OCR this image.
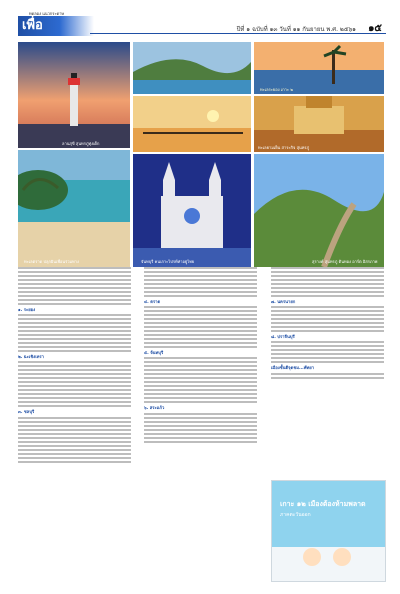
ทดลอง แนวกระดาษ
เพื่อ	ปีที่ ๑ ฉบับที่ ๑๓ วันที่ ๑๑ กันยายน พ.ศ. ๒๕๖๑ ๑๕
ลานสุขี สุนทรภู่ทุ่งเด็ก
ทะเลตราด ปลุกฝันเพื่อนร่วมทาง
ทะเลระยอง เกาะ ๒
ทะเลยามเย็น สาระกิจ สุนทรภู่
จันทบุรี คนเกาะไปรท์ท่าอยู่ไทย	สุรางค์ สุนทรภู่ ดินทอง อาร์ต อิสรภาพ
๑. ระยอง
๒. ฉะเชิงเทรา
๓. ชลบุรี
๔. ตราด
๕. จันทบุรี
๖. สระแก้ว
๗. นครนายก
๘. ปราจีนบุรี
เมืองชั้นดีจุดชม...พัทยา
เกาะ ๑๒ เมืองต้องห้ามพลาด
ภาคตะวันออก
